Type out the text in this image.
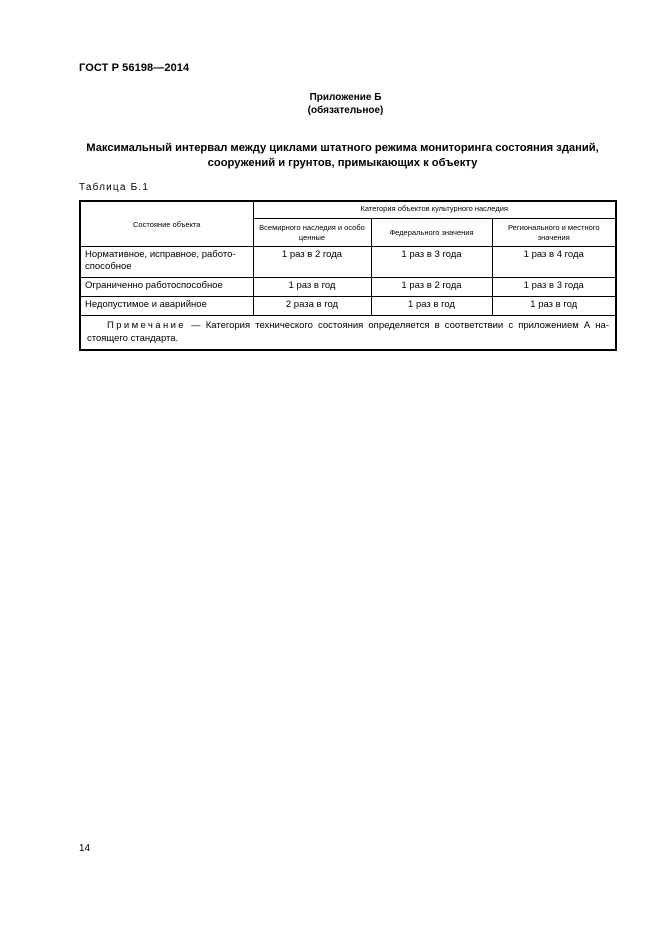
ГОСТ Р 56198—2014
Приложение Б
(обязательное)
Максимальный интервал между циклами штатного режима мониторинга состояния зданий,
сооружений и грунтов, примыкающих к объекту
Таблица Б.1
Состояние объекта	Категория объектов культурного наследия		
	Всемирного наследия и особо ценные	Федерального значения	Регионального и местного значения
Нормативное, исправное, работо-способное	1 раз в 2 года	1 раз в 3 года	1 раз в 4 года
Ограниченно работоспособное	1 раз в год	1 раз в 2 года	1 раз в 3 года
Недопустимое и аварийное	2 раза в год	1 раз в год	1 раз в год
Примечание — Категория технического состояния определяется в соответствии с приложением А на-стоящего стандарта.			
14
